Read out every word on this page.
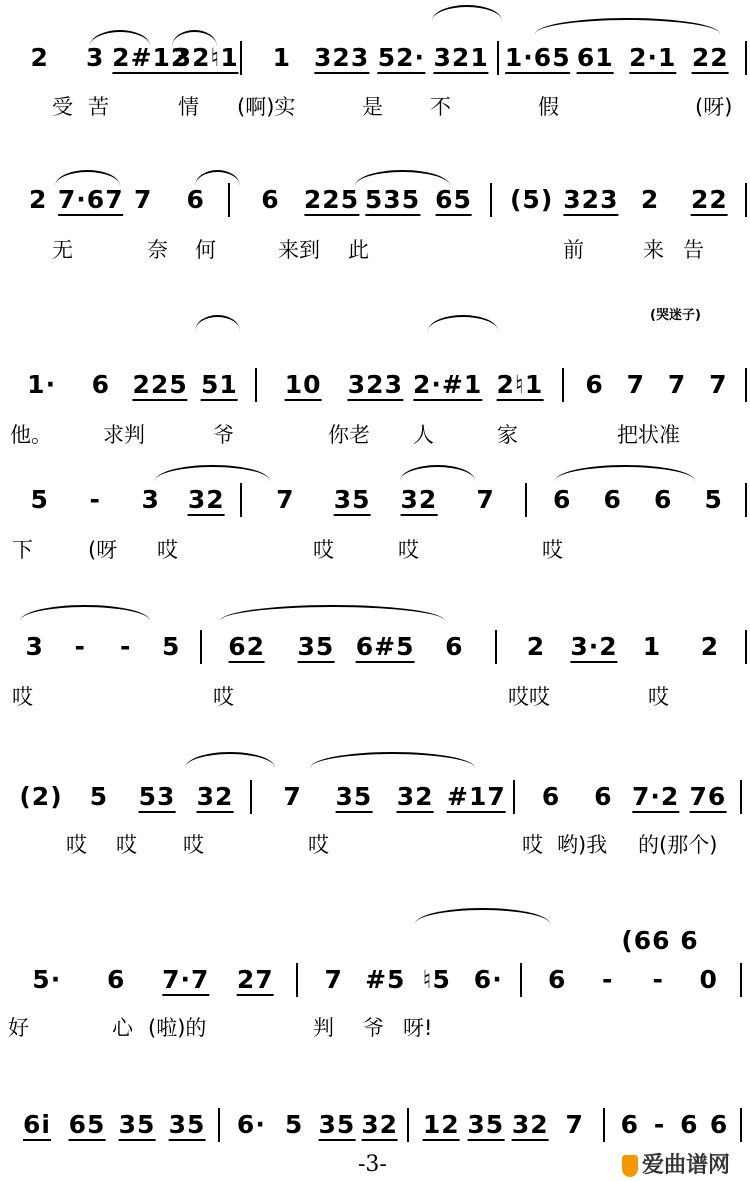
2 3 2#12
32♮1 1 323 52· 321 1·65 61 2·1 22
受 苦	情 (啊)实	是 不	假	(呀)
2 7·67 7 6 6 225 535 65 (5) 323 2 22
无	奈 何	来到 此	前	来 告
1· 6 225 51 10 323 2·#1 2♮1 6 7 7 7
他。 求判	爷	你老 人	家	把状准
5 - 3 32 7 35 32 7 6 6 6 5
下	(呀 哎	哎	哎	哎
3 - - 5 62 35 6#5 6	2 3·2 1 2
哎	哎	哎哎	哎
(2) 5 53 32 7 35 32 #17 6 6 7·2 76
哎 哎 哎	哎	哎 哟)我 的(那个)
5· 6 7·7 27 7 #5 ♮5 6· 6 - - 0
好	心 (啦)的	判 爷 呀!
6i 65 35 35 6· 5 35 32 12 35 32 7 6 - 6 6
(哭迷子)
(66 6
-3-	爱曲谱网
